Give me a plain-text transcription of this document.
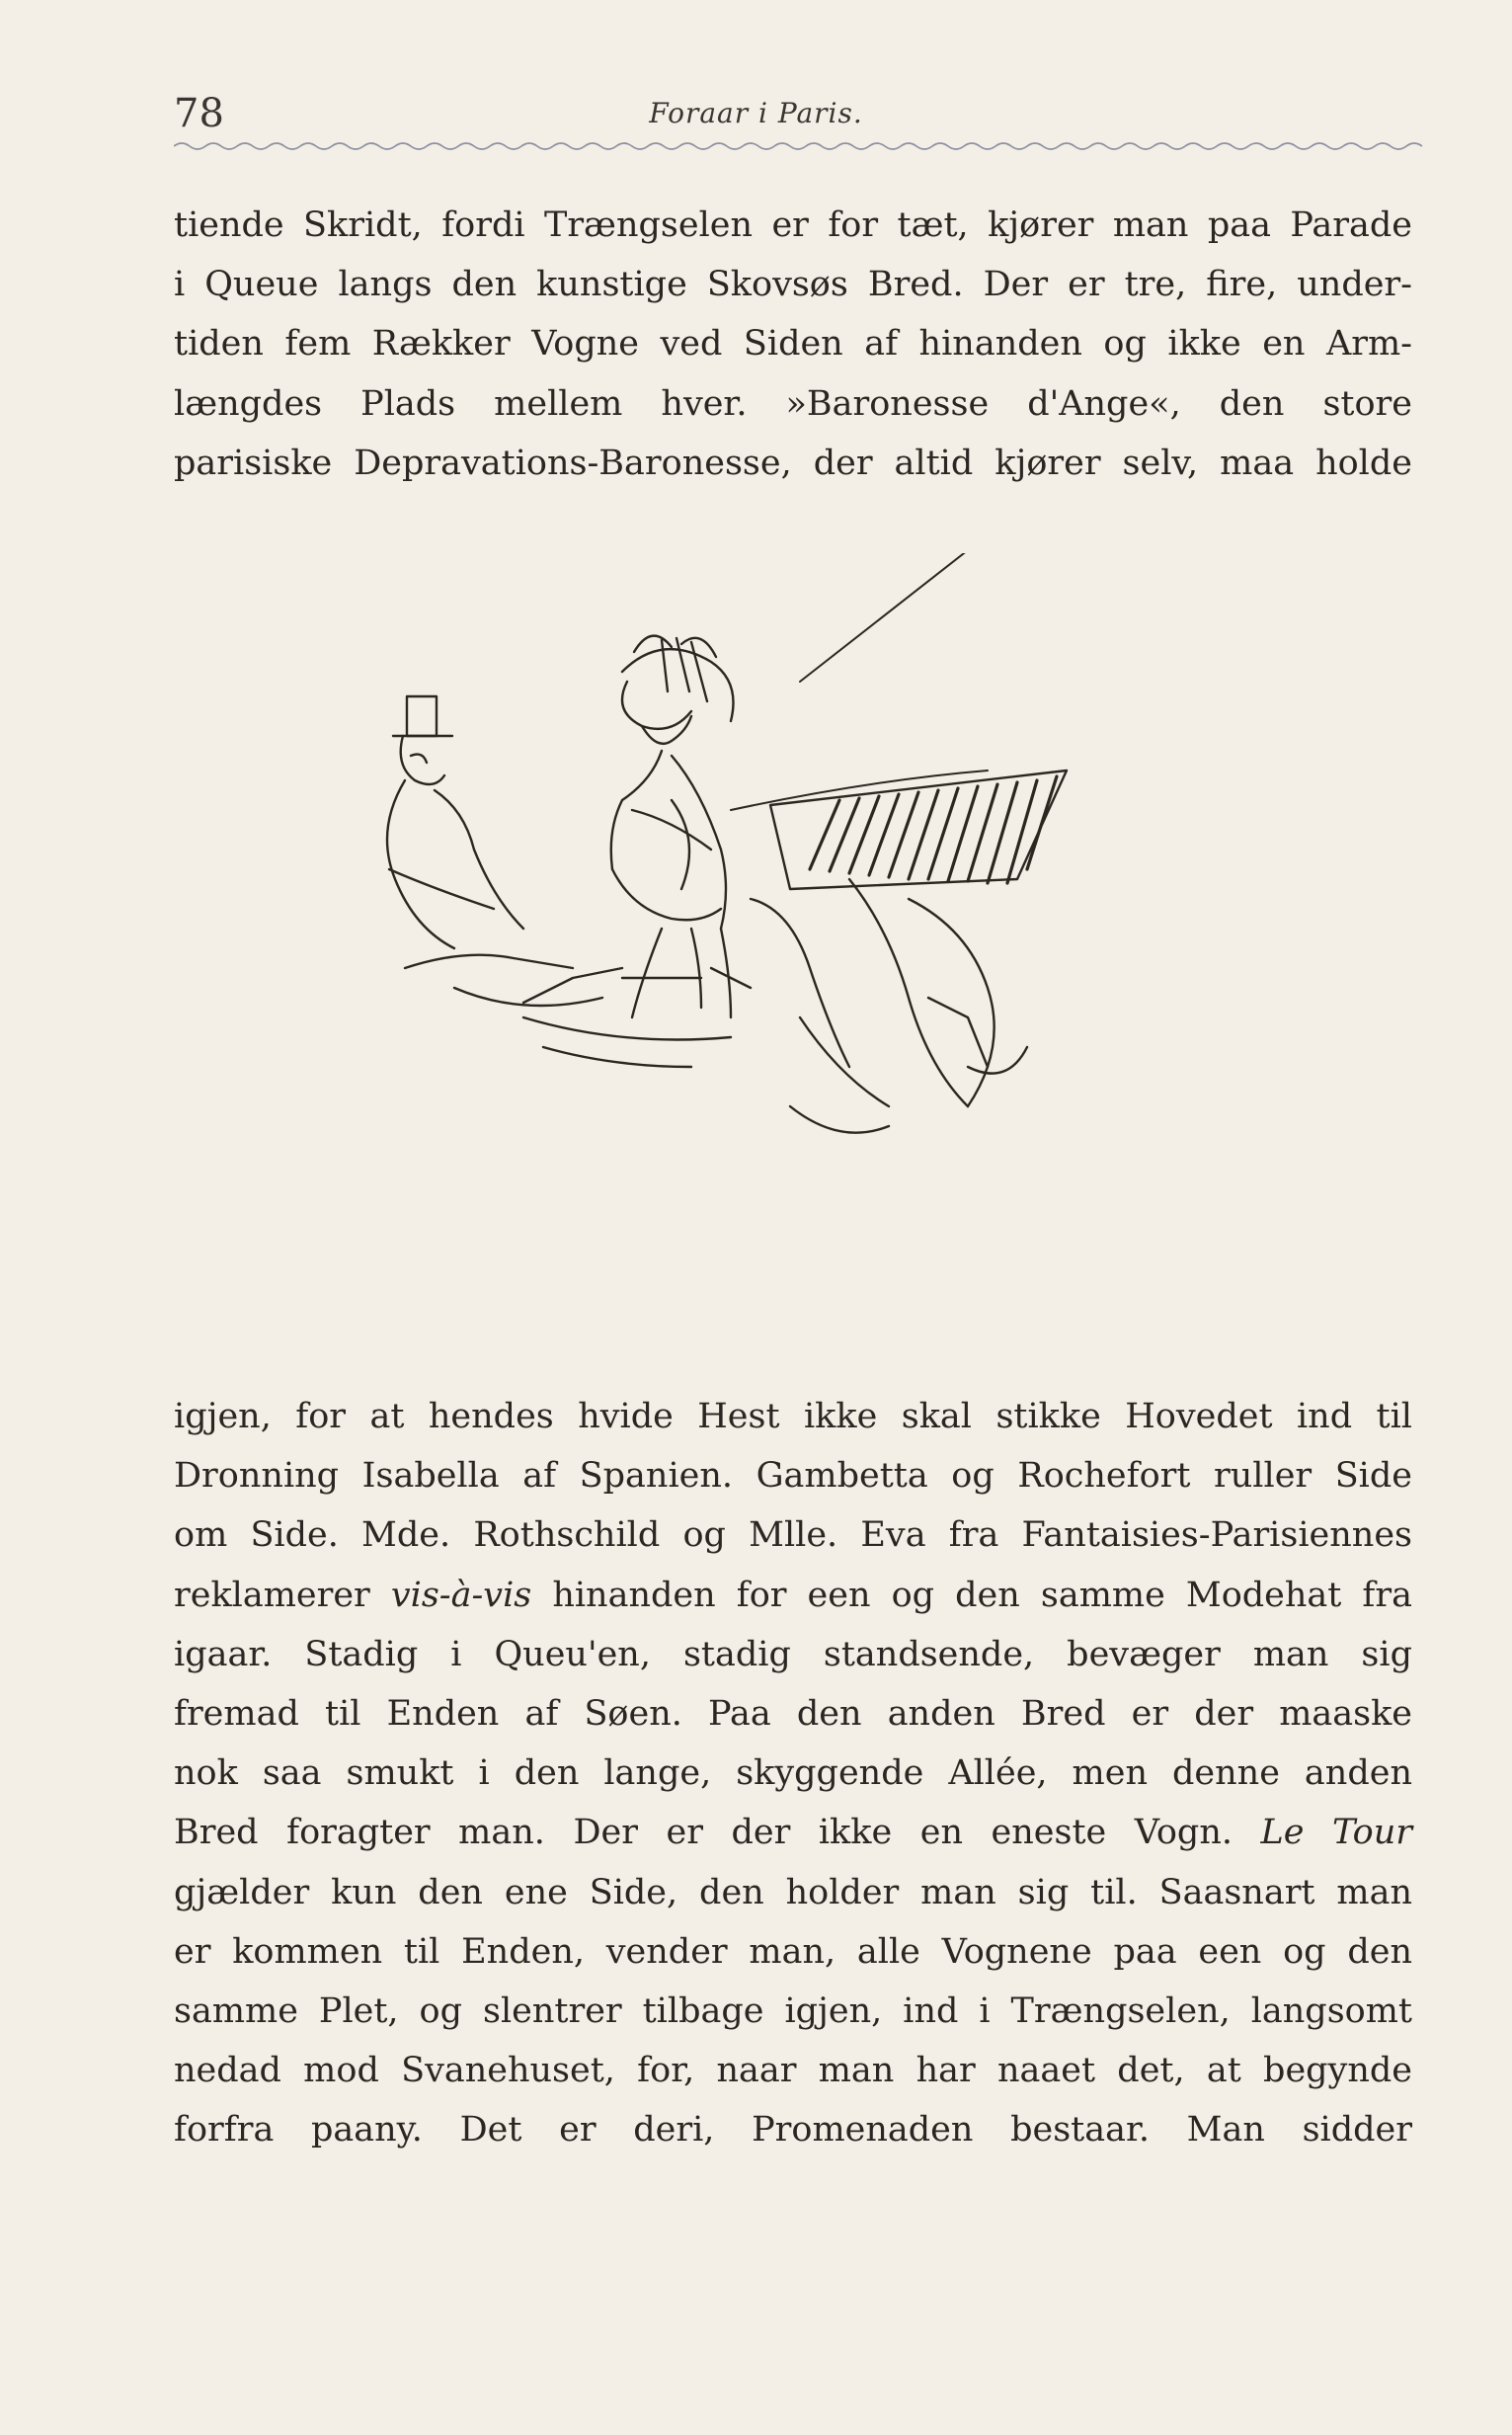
78	Foraar i Paris.
tiende Skridt, fordi Trængselen er for tæt, kjører man paa Parade
i Queue langs den kunstige Skovsøs Bred. Der er tre, fire, under-
tiden fem Rækker Vogne ved Siden af hinanden og ikke en Arm-
længdes Plads mellem hver. »Baronesse d'Ange«, den store
parisiske Depravations-Baronesse, der altid kjører selv, maa holde
igjen, for at hendes hvide Hest ikke skal stikke Hovedet ind til
Dronning Isabella af Spanien. Gambetta og Rochefort ruller Side
om Side. Mde. Rothschild og Mlle. Eva fra Fantaisies-Parisiennes
reklamerer vis-à-vis hinanden for een og den samme Modehat fra
igaar. Stadig i Queu'en, stadig standsende, bevæger man sig
fremad til Enden af Søen. Paa den anden Bred er der maaske
nok saa smukt i den lange, skyggende Allée, men denne anden
Bred foragter man. Der er der ikke en eneste Vogn. Le Tour
gjælder kun den ene Side, den holder man sig til. Saasnart man
er kommen til Enden, vender man, alle Vognene paa een og den
samme Plet, og slentrer tilbage igjen, ind i Trængselen, langsomt
nedad mod Svanehuset, for, naar man har naaet det, at begynde
forfra paany. Det er deri, Promenaden bestaar. Man sidder
